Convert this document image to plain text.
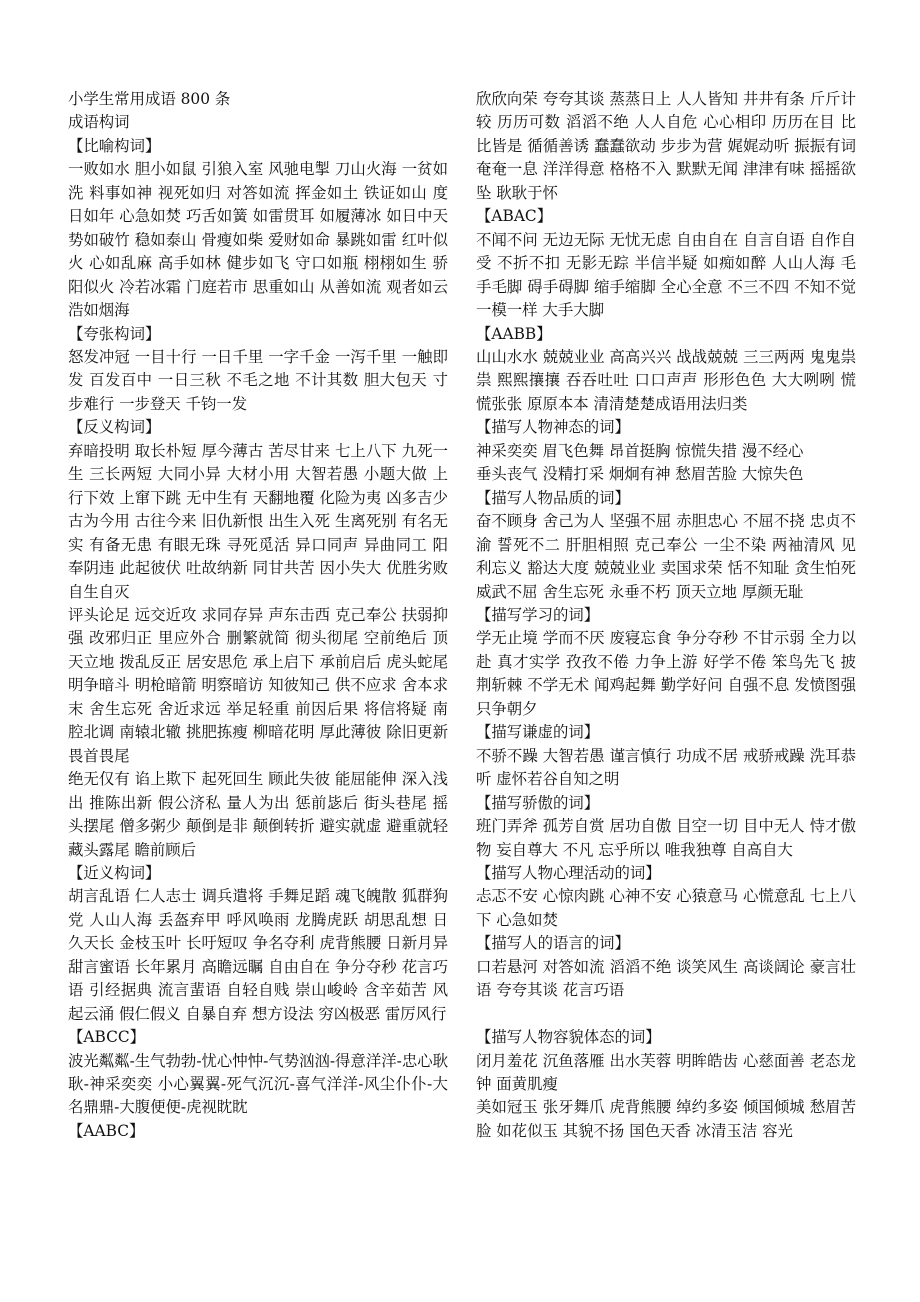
小学生常用成语 800 条

成语构词

【比喻构词】

一败如水 胆小如鼠 引狼入室 风驰电掣 刀山火海 一贫如洗 料事如神 视死如归 对答如流 挥金如土 铁证如山 度日如年 心急如焚 巧舌如簧 如雷贯耳 如履薄冰 如日中天 势如破竹 稳如泰山 骨瘦如柴 爱财如命 暴跳如雷 红叶似火 心如乱麻 高手如林 健步如飞 守口如瓶 栩栩如生 骄阳似火 冷若冰霜 门庭若市 思重如山 从善如流 观者如云 浩如烟海

【夸张构词】

怒发冲冠 一目十行 一日千里 一字千金 一泻千里 一触即发 百发百中 一日三秋 不毛之地 不计其数 胆大包天 寸步难行 一步登天 千钧一发

【反义构词】

弃暗投明 取长朴短 厚今薄古 苦尽甘来 七上八下 九死一生 三长两短 大同小异 大材小用 大智若愚 小题大做 上行下效 上窜下跳 无中生有 天翻地覆 化险为夷 凶多吉少 古为今用 古往今来 旧仇新恨 出生入死 生离死别 有名无实 有备无患 有眼无珠 寻死觅活 异口同声 异曲同工 阳奉阴违 此起彼伏 吐故纳新 同甘共苦 因小失大 优胜劣败 自生自灭

评头论足 远交近攻 求同存异 声东击西 克己奉公 扶弱抑强 改邪归正 里应外合 删繁就简 彻头彻尾 空前绝后 顶天立地 拨乱反正 居安思危 承上启下 承前启后 虎头蛇尾 明争暗斗 明枪暗箭 明察暗访 知彼知己 供不应求 舍本求末 舍生忘死 舍近求远 举足轻重 前因后果 将信将疑 南腔北调 南辕北辙 挑肥拣瘦 柳暗花明 厚此薄彼 除旧更新 畏首畏尾

绝无仅有 谄上欺下 起死回生 顾此失彼 能屈能伸 深入浅出 推陈出新 假公济私 量人为出 惩前毖后 街头巷尾 摇头摆尾 僧多粥少 颠倒是非 颠倒转折 避实就虚 避重就轻 藏头露尾 瞻前顾后

【近义构词】

胡言乱语 仁人志士 调兵遣将 手舞足蹈 魂飞魄散 狐群狗党 人山人海 丢盔弃甲 呼风唤雨 龙腾虎跃 胡思乱想 日久天长 金枝玉叶 长吁短叹 争名夺利 虎背熊腰 日新月异 甜言蜜语 长年累月 高瞻远瞩 自由自在 争分夺秒 花言巧语 引经据典 流言蜚语 自轻自贱 崇山峻岭 含辛茹苦 风起云涌 假仁假义 自暴自弃 想方设法 穷凶极恶 雷厉风行

【ABCC】

波光粼粼-生气勃勃-忧心忡忡-气势汹汹-得意洋洋-忠心耿耿-神采奕奕 小心翼翼-死气沉沉-喜气洋洋-风尘仆仆-大名鼎鼎-大腹便便-虎视眈眈

【AABC】

欣欣向荣 夸夸其谈 蒸蒸日上 人人皆知 井井有条 斤斤计较 历历可数 滔滔不绝 人人自危 心心相印 历历在目 比比皆是 循循善诱 蠢蠢欲动 步步为营 娓娓动听 振振有词 奄奄一息 洋洋得意 格格不入 默默无闻 津津有味 摇摇欲坠 耿耿于怀

【ABAC】

不闻不问 无边无际 无忧无虑 自由自在 自言自语 自作自受 不折不扣 无影无踪 半信半疑 如痴如醉 人山人海 毛手毛脚 碍手碍脚 缩手缩脚 全心全意 不三不四 不知不觉 一模一样 大手大脚

【AABB】

山山水水 兢兢业业 高高兴兴 战战兢兢 三三两两 鬼鬼祟祟 熙熙攘攘 吞吞吐吐 口口声声 形形色色 大大咧咧 慌慌张张 原原本本 清清楚楚成语用法归类

【描写人物神态的词】

神采奕奕 眉飞色舞 昂首挺胸 惊慌失措 漫不经心

垂头丧气 没精打采 炯炯有神 愁眉苦脸 大惊失色

【描写人物品质的词】

奋不顾身 舍己为人 坚强不屈 赤胆忠心 不屈不挠 忠贞不渝 誓死不二 肝胆相照 克己奉公 一尘不染 两袖清风 见利忘义 豁达大度 兢兢业业 卖国求荣 恬不知耻 贪生怕死 威武不屈 舍生忘死 永垂不朽 顶天立地 厚颜无耻

【描写学习的词】

学无止境 学而不厌 废寝忘食 争分夺秒 不甘示弱 全力以赴 真才实学 孜孜不倦 力争上游 好学不倦 笨鸟先飞 披荆斩棘 不学无术 闻鸡起舞 勤学好问 自强不息 发愤图强 只争朝夕

【描写谦虚的词】

不骄不躁 大智若愚 谨言慎行 功成不居 戒骄戒躁 洗耳恭听 虚怀若谷自知之明

【描写骄傲的词】

班门弄斧 孤芳自赏 居功自傲 目空一切 目中无人 恃才傲物 妄自尊大 不凡 忘乎所以 唯我独尊 自高自大

【描写人物心理活动的词】

忐忑不安 心惊肉跳 心神不安 心猿意马 心慌意乱 七上八下 心急如焚

【描写人的语言的词】

口若悬河 对答如流 滔滔不绝 谈笑风生 高谈阔论 豪言壮语 夸夸其谈 花言巧语

【描写人物容貌体态的词】

闭月羞花 沉鱼落雁 出水芙蓉 明眸皓齿 心慈面善 老态龙钟 面黄肌瘦

美如冠玉 张牙舞爪 虎背熊腰 绰约多姿 倾国倾城 愁眉苦脸 如花似玉 其貌不扬 国色天香 冰清玉洁 容光
